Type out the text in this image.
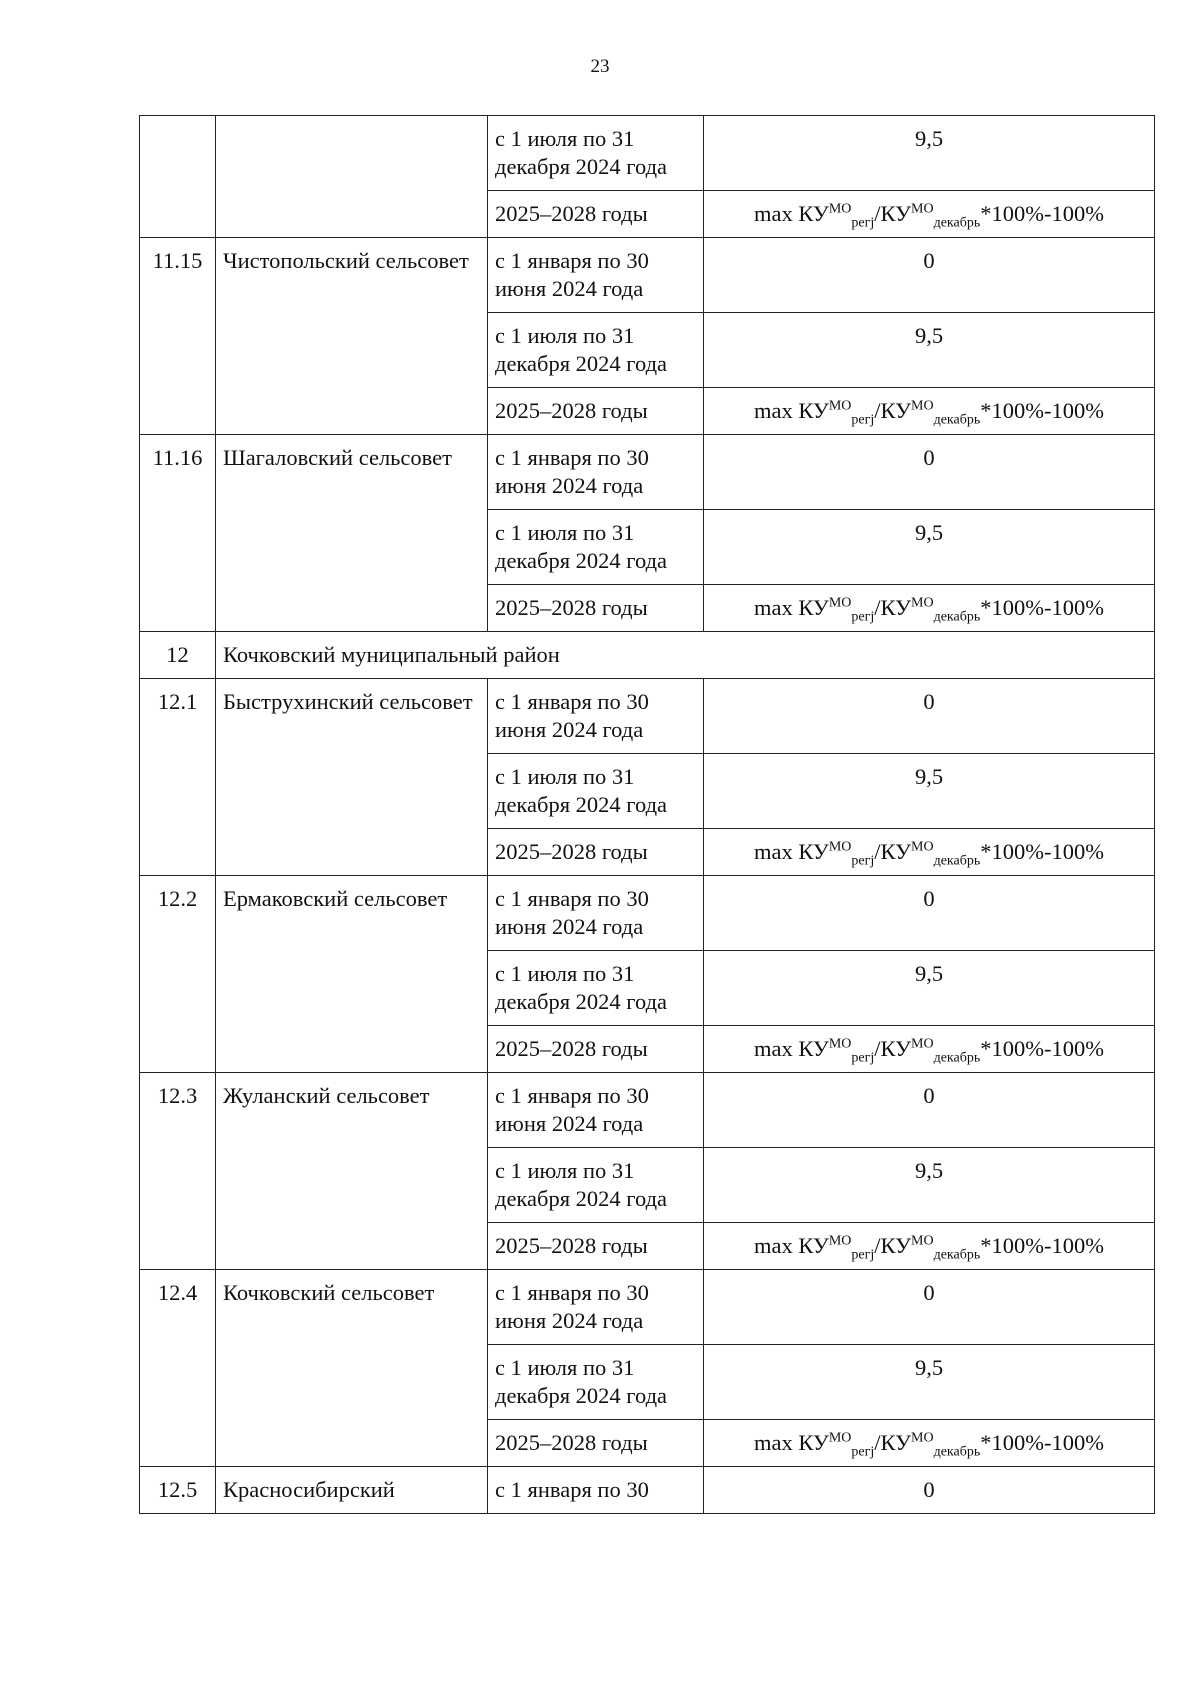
23
		с 1 июля по 31 декабря 2024 года	9,5
		2025–2028 годы	$\max КУ^{МО}_{регj}/КУ^{МО}_{декабрь}*100\%-100\%$
11.15	Чистопольский сельсовет	с 1 января по 30 июня 2024 года	0
		с 1 июля по 31 декабря 2024 года	9,5
		2025–2028 годы	$\max КУ^{МО}_{регj}/КУ^{МО}_{декабрь}*100\%-100\%$
11.16	Шагаловский сельсовет	с 1 января по 30 июня 2024 года	0
		с 1 июля по 31 декабря 2024 года	9,5
		2025–2028 годы	$\max КУ^{МО}_{регj}/КУ^{МО}_{декабрь}*100\%-100\%$
12	Кочковский муниципальный район		
12.1	Быструхинский сельсовет	с 1 января по 30 июня 2024 года	0
		с 1 июля по 31 декабря 2024 года	9,5
		2025–2028 годы	$\max КУ^{МО}_{регj}/КУ^{МО}_{декабрь}*100\%-100\%$
12.2	Ермаковский сельсовет	с 1 января по 30 июня 2024 года	0
		с 1 июля по 31 декабря 2024 года	9,5
		2025–2028 годы	$\max КУ^{МО}_{регj}/КУ^{МО}_{декабрь}*100\%-100\%$
12.3	Жуланский сельсовет	с 1 января по 30 июня 2024 года	0
		с 1 июля по 31 декабря 2024 года	9,5
		2025–2028 годы	$\max КУ^{МО}_{регj}/КУ^{МО}_{декабрь}*100\%-100\%$
12.4	Кочковский сельсовет	с 1 января по 30 июня 2024 года	0
		с 1 июля по 31 декабря 2024 года	9,5
		2025–2028 годы	$\max КУ^{МО}_{регj}/КУ^{МО}_{декабрь}*100\%-100\%$
12.5	Красносибирский	с 1 января по 30	0
